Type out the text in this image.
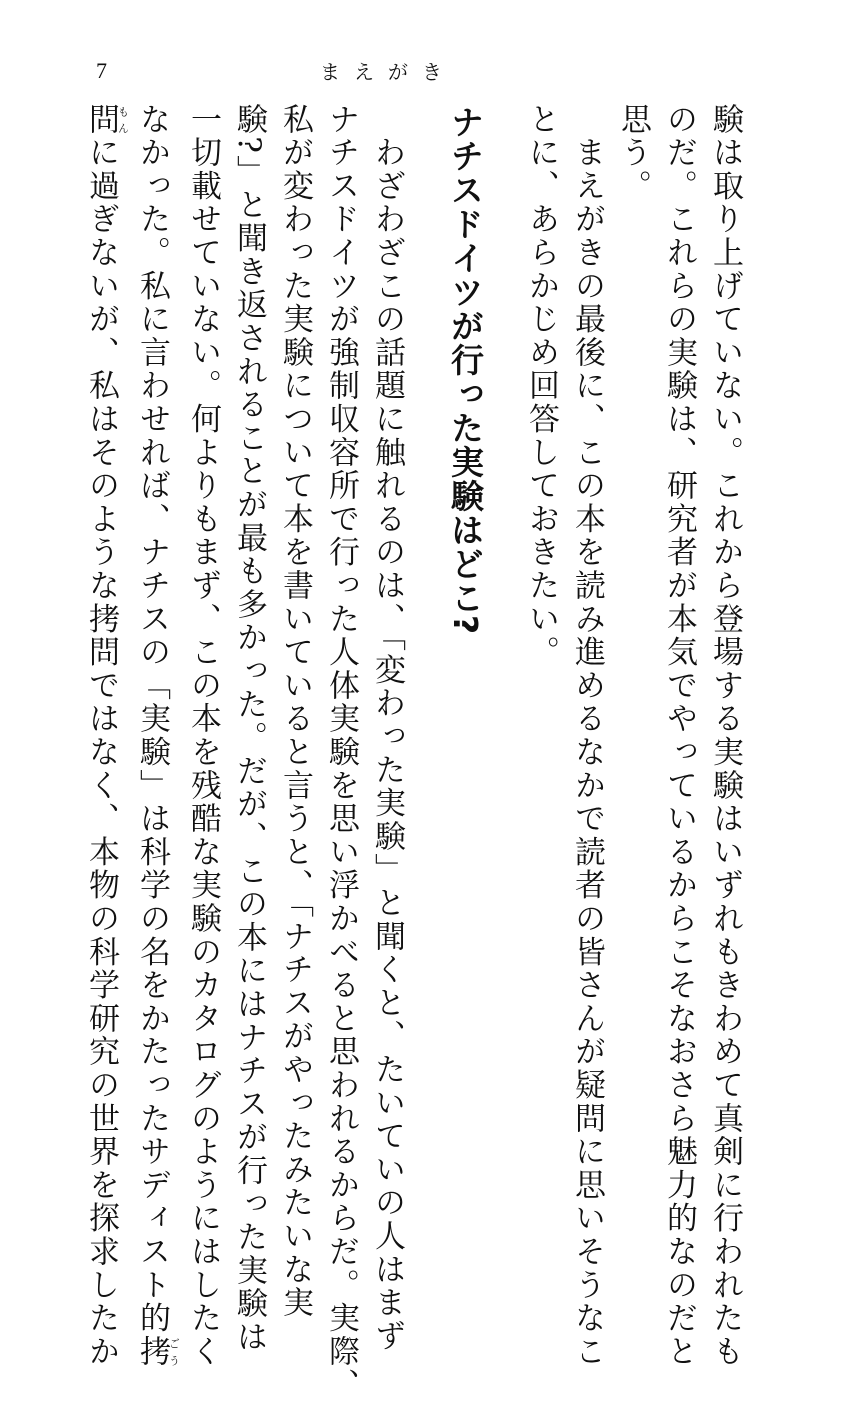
7	まえがき
験は取り上げていない。これから登場する実験はいずれもきわめて真剣に行われたも
のだ。これらの実験は、研究者が本気でやっているからこそなおさら魅力的なのだと
思う。
　まえがきの最後に、この本を読み進めるなかで読者の皆さんが疑問に思いそうなこ
とに、あらかじめ回答しておきたい。
ナチスドイツが行った実験はどこ?
　わざわざこの話題に触れるのは、「変わった実験」と聞くと、たいていの人はまず
ナチスドイツが強制収容所で行った人体実験を思い浮かべると思われるからだ。実際、
私が変わった実験について本を書いていると言うと、「ナチスがやったみたいな実
験?」と聞き返されることが最も多かった。だが、この本にはナチスが行った実験は
一切載せていない。何よりもまず、この本を残酷な実験のカタログのようにはしたく
なかった。私に言わせれば、ナチスの「実験」は科学の名をかたったサディスト的拷ごう
問もんに過ぎないが、私はそのような拷問ではなく、本物の科学研究の世界を探求したか
